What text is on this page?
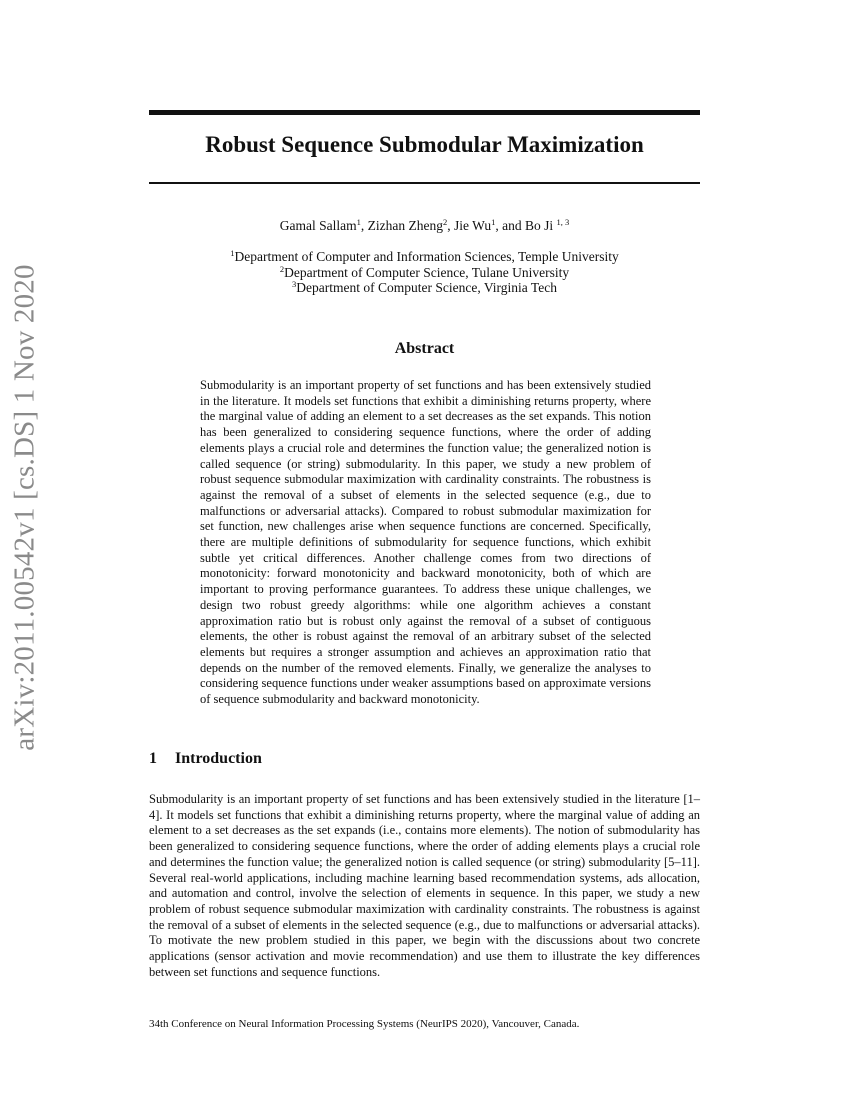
arXiv:2011.00542v1 [cs.DS] 1 Nov 2020
Robust Sequence Submodular Maximization
Gamal Sallam$^1$, Zizhan Zheng$^2$, Jie Wu$^1$, and Bo Ji $^{1, 3}$
$^1$Department of Computer and Information Sciences, Temple University
$^2$Department of Computer Science, Tulane University
$^3$Department of Computer Science, Virginia Tech
Abstract

Submodularity is an important property of set functions and has been extensively studied in the literature. It models set functions that exhibit a diminishing returns property, where the marginal value of adding an element to a set decreases as the set expands. This notion has been generalized to considering sequence functions, where the order of adding elements plays a crucial role and determines the function value; the generalized notion is called sequence (or string) submodularity. In this paper, we study a new problem of robust sequence submodular maximization with cardinality constraints. The robustness is against the removal of a subset of elements in the selected sequence (e.g., due to malfunctions or adversarial attacks). Compared to robust submodular maximization for set function, new challenges arise when sequence functions are concerned. Specifically, there are multiple definitions of submodularity for sequence functions, which exhibit subtle yet critical differences. Another challenge comes from two directions of monotonicity: forward monotonicity and backward monotonicity, both of which are important to proving performance guarantees. To address these unique challenges, we design two robust greedy algorithms: while one algorithm achieves a constant approximation ratio but is robust only against the removal of a subset of contiguous elements, the other is robust against the removal of an arbitrary subset of the selected elements but requires a stronger assumption and achieves an approximation ratio that depends on the number of the removed elements. Finally, we generalize the analyses to considering sequence functions under weaker assumptions based on approximate versions of sequence submodularity and backward monotonicity.

1 Introduction

Submodularity is an important property of set functions and has been extensively studied in the literature [1–4]. It models set functions that exhibit a diminishing returns property, where the marginal value of adding an element to a set decreases as the set expands (i.e., contains more elements). The notion of submodularity has been generalized to considering sequence functions, where the order of adding elements plays a crucial role and determines the function value; the generalized notion is called sequence (or string) submodularity [5–11]. Several real-world applications, including machine learning based recommendation systems, ads allocation, and automation and control, involve the selection of elements in sequence. In this paper, we study a new problem of robust sequence submodular maximization with cardinality constraints. The robustness is against the removal of a subset of elements in the selected sequence (e.g., due to malfunctions or adversarial attacks). To motivate the new problem studied in this paper, we begin with the discussions about two concrete applications (sensor activation and movie recommendation) and use them to illustrate the key differences between set functions and sequence functions.

34th Conference on Neural Information Processing Systems (NeurIPS 2020), Vancouver, Canada.
